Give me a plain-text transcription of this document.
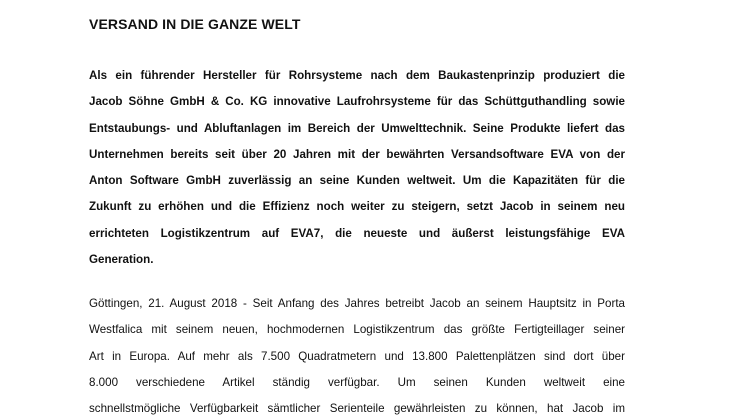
VERSAND IN DIE GANZE WELT
Als ein führender Hersteller für Rohrsysteme nach dem Baukastenprinzip produziert die
Jacob Söhne GmbH & Co. KG innovative Laufrohrsysteme für das Schüttguthandling sowie
Entstaubungs- und Abluftanlagen im Bereich der Umwelttechnik. Seine Produkte liefert das
Unternehmen bereits seit über 20 Jahren mit der bewährten Versandsoftware EVA von der
Anton Software GmbH zuverlässig an seine Kunden weltweit. Um die Kapazitäten für die
Zukunft zu erhöhen und die Effizienz noch weiter zu steigern, setzt Jacob in seinem neu
errichteten Logistikzentrum auf EVA7, die neueste und äußerst leistungsfähige EVA
Generation.
Göttingen, 21. August 2018 - Seit Anfang des Jahres betreibt Jacob an seinem Hauptsitz in Porta
Westfalica mit seinem neuen, hochmodernen Logistikzentrum das größte Fertigteillager seiner
Art in Europa. Auf mehr als 7.500 Quadratmetern und 13.800 Palettenplätzen sind dort über
8.000 verschiedene Artikel ständig verfügbar. Um seinen Kunden weltweit eine
schnellstmögliche Verfügbarkeit sämtlicher Serienteile gewährleisten zu können, hat Jacob im
